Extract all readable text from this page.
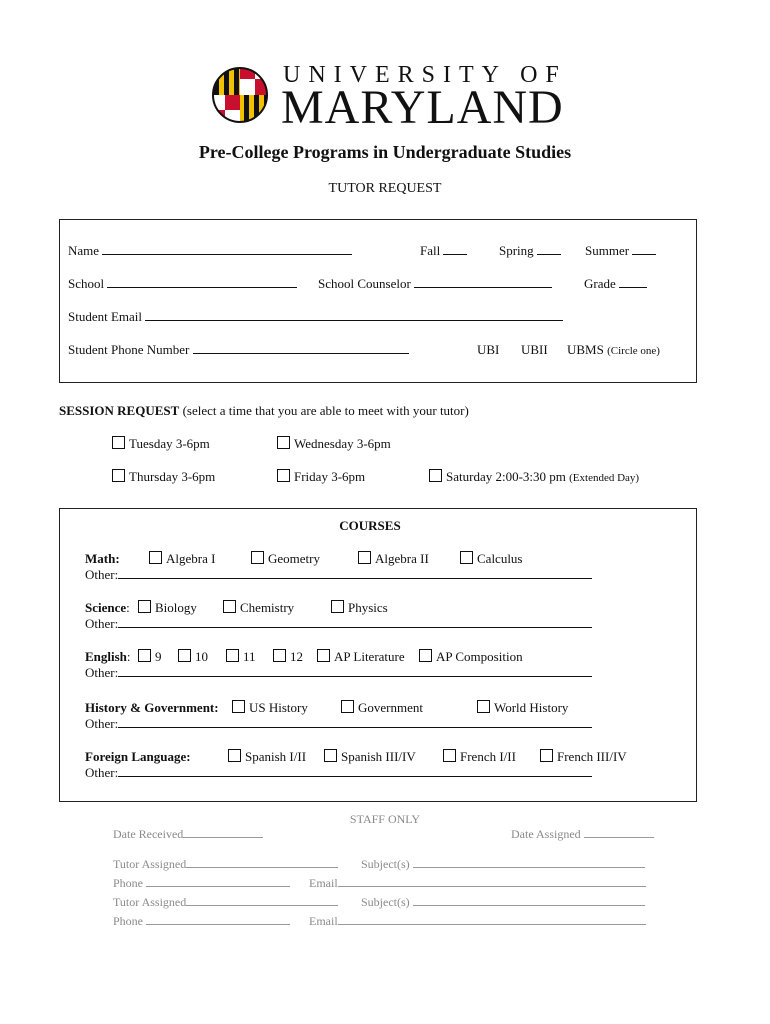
UNIVERSITY OF
MARYLAND
Pre-College Programs in Undergraduate Studies
TUTOR REQUEST
Name	Fall	Spring	Summer
School	School Counselor	Grade
Student Email
Student Phone Number	UBI UBII UBMS (Circle one)
SESSION REQUEST (select a time that you are able to meet with your tutor)
Tuesday 3-6pm	Wednesday 3-6pm
Thursday 3-6pm	Friday 3-6pm	Saturday 2:00-3:30 pm (Extended Day)
COURSES
Math:	Algebra I	Geometry	Algebra II	Calculus
Other:
Science:	Biology	Chemistry	Physics
Other:
English:	9	10	11	12	AP Literature	AP Composition
Other:
History & Government:	US History	Government	World History
Other:
Foreign Language:	Spanish I/II	Spanish III/IV	French I/II	French III/IV
Other:
STAFF ONLY
Date Received	Date Assigned
Tutor Assigned	Subject(s)
Phone	Email
Tutor Assigned	Subject(s)
Phone	Email
